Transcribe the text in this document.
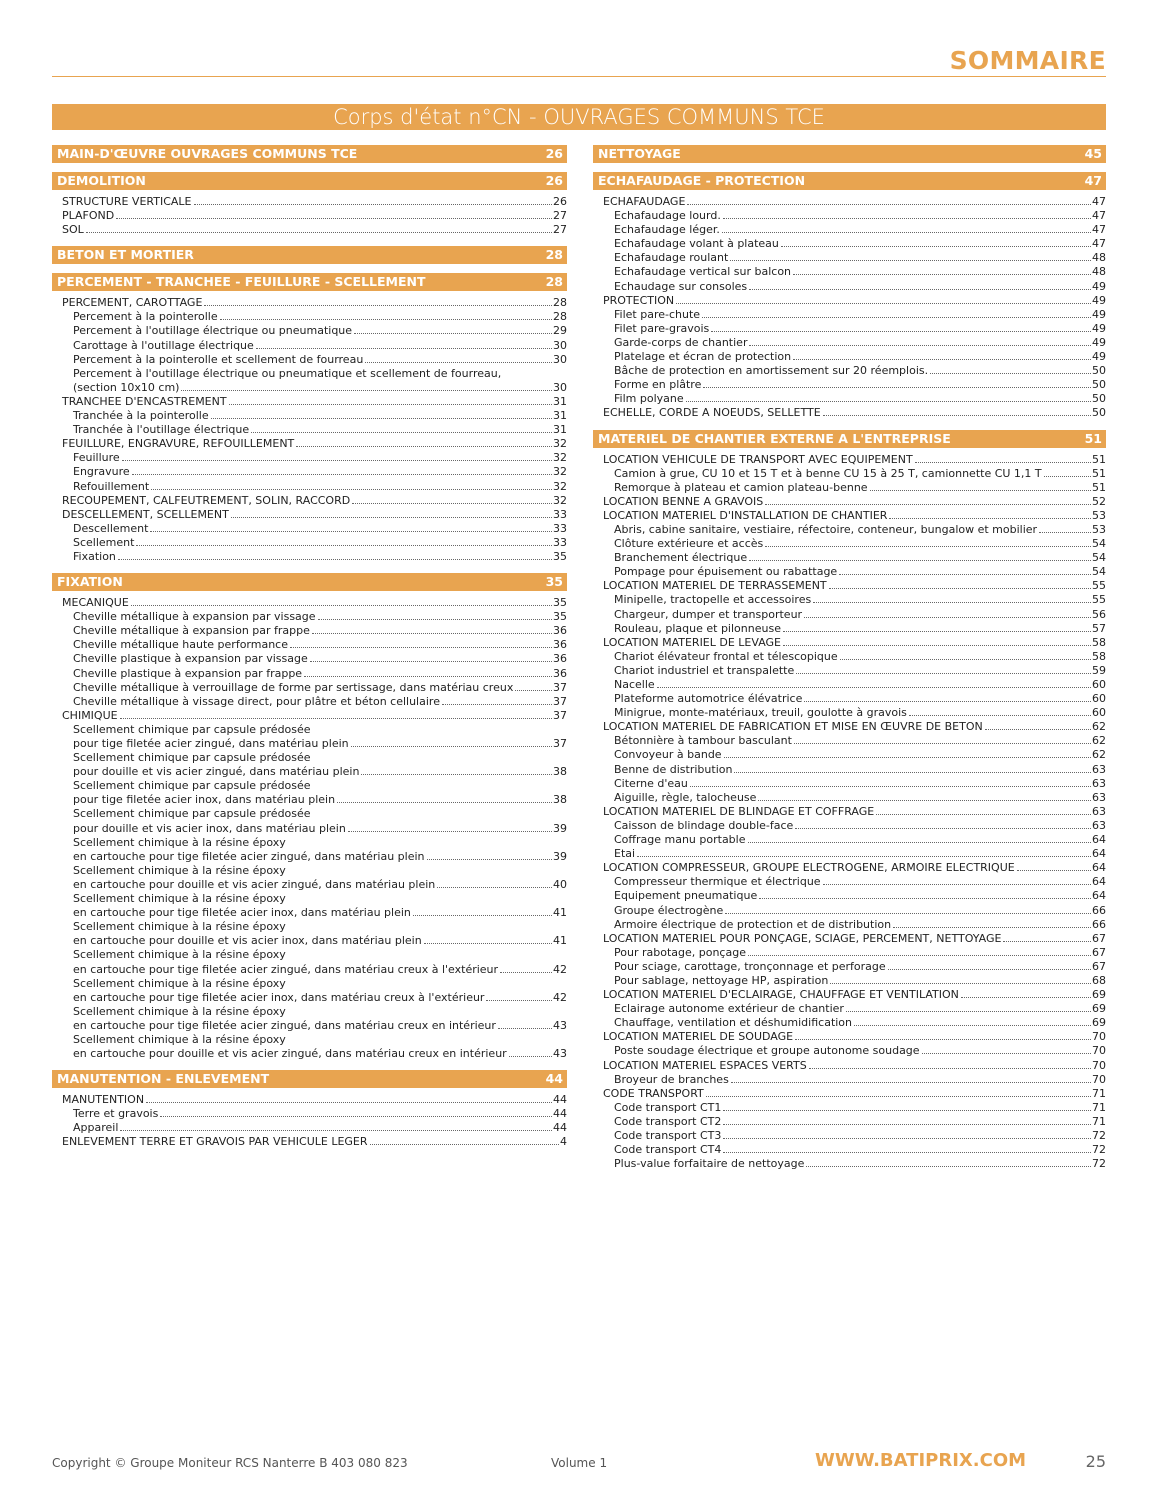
SOMMAIRE
Corps d'état n°CN - OUVRAGES COMMUNS TCE
MAIN-D'ŒUVRE OUVRAGES COMMUNS TCE	26
DEMOLITION	26
STRUCTURE VERTICALE	26
PLAFOND	27
SOL	27
BETON ET MORTIER	28
PERCEMENT - TRANCHEE - FEUILLURE - SCELLEMENT	28
PERCEMENT, CAROTTAGE	28
Percement à la pointerolle	28
Percement à l'outillage électrique ou pneumatique	29
Carottage à l'outillage électrique	30
Percement à la pointerolle et scellement de fourreau	30
Percement à l'outillage électrique ou pneumatique et scellement de fourreau,
(section 10x10 cm)	30
TRANCHEE D'ENCASTREMENT	31
Tranchée à la pointerolle	31
Tranchée à l'outillage électrique	31
FEUILLURE, ENGRAVURE, REFOUILLEMENT	32
Feuillure	32
Engravure	32
Refouillement	32
RECOUPEMENT, CALFEUTREMENT, SOLIN, RACCORD	32
DESCELLEMENT, SCELLEMENT	33
Descellement	33
Scellement	33
Fixation	35
FIXATION	35
MECANIQUE	35
Cheville métallique à expansion par vissage	35
Cheville métallique à expansion par frappe	36
Cheville métallique haute performance	36
Cheville plastique à expansion par vissage	36
Cheville plastique à expansion par frappe	36
Cheville métallique à verrouillage de forme par sertissage, dans matériau creux	37
Cheville métallique à vissage direct, pour plâtre et béton cellulaire	37
CHIMIQUE	37
Scellement chimique par capsule prédosée
pour tige filetée acier zingué, dans matériau plein	37
Scellement chimique par capsule prédosée
pour douille et vis acier zingué, dans matériau plein	38
Scellement chimique par capsule prédosée
pour tige filetée acier inox, dans matériau plein	38
Scellement chimique par capsule prédosée
pour douille et vis acier inox, dans matériau plein	39
Scellement chimique à la résine époxy
en cartouche pour tige filetée acier zingué, dans matériau plein	39
Scellement chimique à la résine époxy
en cartouche pour douille et vis acier zingué, dans matériau plein	40
Scellement chimique à la résine époxy
en cartouche pour tige filetée acier inox, dans matériau plein	41
Scellement chimique à la résine époxy
en cartouche pour douille et vis acier inox, dans matériau plein	41
Scellement chimique à la résine époxy
en cartouche pour tige filetée acier zingué, dans matériau creux à l'extérieur	42
Scellement chimique à la résine époxy
en cartouche pour tige filetée acier inox, dans matériau creux à l'extérieur	42
Scellement chimique à la résine époxy
en cartouche pour tige filetée acier zingué, dans matériau creux en intérieur	43
Scellement chimique à la résine époxy
en cartouche pour douille et vis acier zingué, dans matériau creux en intérieur	43
MANUTENTION - ENLEVEMENT	44
MANUTENTION	44
Terre et gravois	44
Appareil	44
ENLEVEMENT TERRE ET GRAVOIS PAR VEHICULE LEGER	4
NETTOYAGE	45
ECHAFAUDAGE - PROTECTION	47
ECHAFAUDAGE	47
Echafaudage lourd.	47
Echafaudage léger.	47
Echafaudage volant à plateau	47
Echafaudage roulant	48
Echafaudage vertical sur balcon	48
Echaudage sur consoles	49
PROTECTION	49
Filet pare-chute	49
Filet pare-gravois	49
Garde-corps de chantier	49
Platelage et écran de protection	49
Bâche de protection en amortissement sur 20 réemplois.	50
Forme en plâtre	50
Film polyane	50
ECHELLE, CORDE A NOEUDS, SELLETTE	50
MATERIEL DE CHANTIER EXTERNE A L'ENTREPRISE	51
LOCATION VEHICULE DE TRANSPORT AVEC EQUIPEMENT	51
Camion à grue, CU 10 et 15 T et à benne CU 15 à 25 T, camionnette CU 1,1 T	51
Remorque à plateau et camion plateau-benne	51
LOCATION BENNE A GRAVOIS	52
LOCATION MATERIEL D'INSTALLATION DE CHANTIER	53
Abris, cabine sanitaire, vestiaire, réfectoire, conteneur, bungalow et mobilier	53
Clôture extérieure et accès	54
Branchement électrique	54
Pompage pour épuisement ou rabattage	54
LOCATION MATERIEL DE TERRASSEMENT	55
Minipelle, tractopelle et accessoires	55
Chargeur, dumper et transporteur	56
Rouleau, plaque et pilonneuse	57
LOCATION MATERIEL DE LEVAGE	58
Chariot élévateur frontal et télescopique	58
Chariot industriel et transpalette	59
Nacelle	60
Plateforme automotrice élévatrice	60
Minigrue, monte-matériaux, treuil, goulotte à gravois	60
LOCATION MATERIEL DE FABRICATION ET MISE EN ŒUVRE DE BETON	62
Bétonnière à tambour basculant	62
Convoyeur à bande	62
Benne de distribution	63
Citerne d'eau	63
Aiguille, règle, talocheuse	63
LOCATION MATERIEL DE BLINDAGE ET COFFRAGE	63
Caisson de blindage double-face	63
Coffrage manu portable	64
Etai	64
LOCATION COMPRESSEUR, GROUPE ELECTROGENE, ARMOIRE ELECTRIQUE	64
Compresseur thermique et électrique	64
Equipement pneumatique	64
Groupe électrogène	66
Armoire électrique de protection et de distribution	66
LOCATION MATERIEL POUR PONÇAGE, SCIAGE, PERCEMENT, NETTOYAGE	67
Pour rabotage, ponçage	67
Pour sciage, carottage, tronçonnage et perforage	67
Pour sablage, nettoyage HP, aspiration	68
LOCATION MATERIEL D'ECLAIRAGE, CHAUFFAGE ET VENTILATION	69
Eclairage autonome extérieur de chantier	69
Chauffage, ventilation et déshumidification	69
LOCATION MATERIEL DE SOUDAGE	70
Poste soudage électrique et groupe autonome soudage	70
LOCATION MATERIEL ESPACES VERTS	70
Broyeur de branches	70
CODE TRANSPORT	71
Code transport CT1	71
Code transport CT2	71
Code transport CT3	72
Code transport CT4	72
Plus-value forfaitaire de nettoyage	72
Copyright © Groupe Moniteur RCS Nanterre B 403 080 823	Volume 1	WWW.BATIPRIX.COM	25
